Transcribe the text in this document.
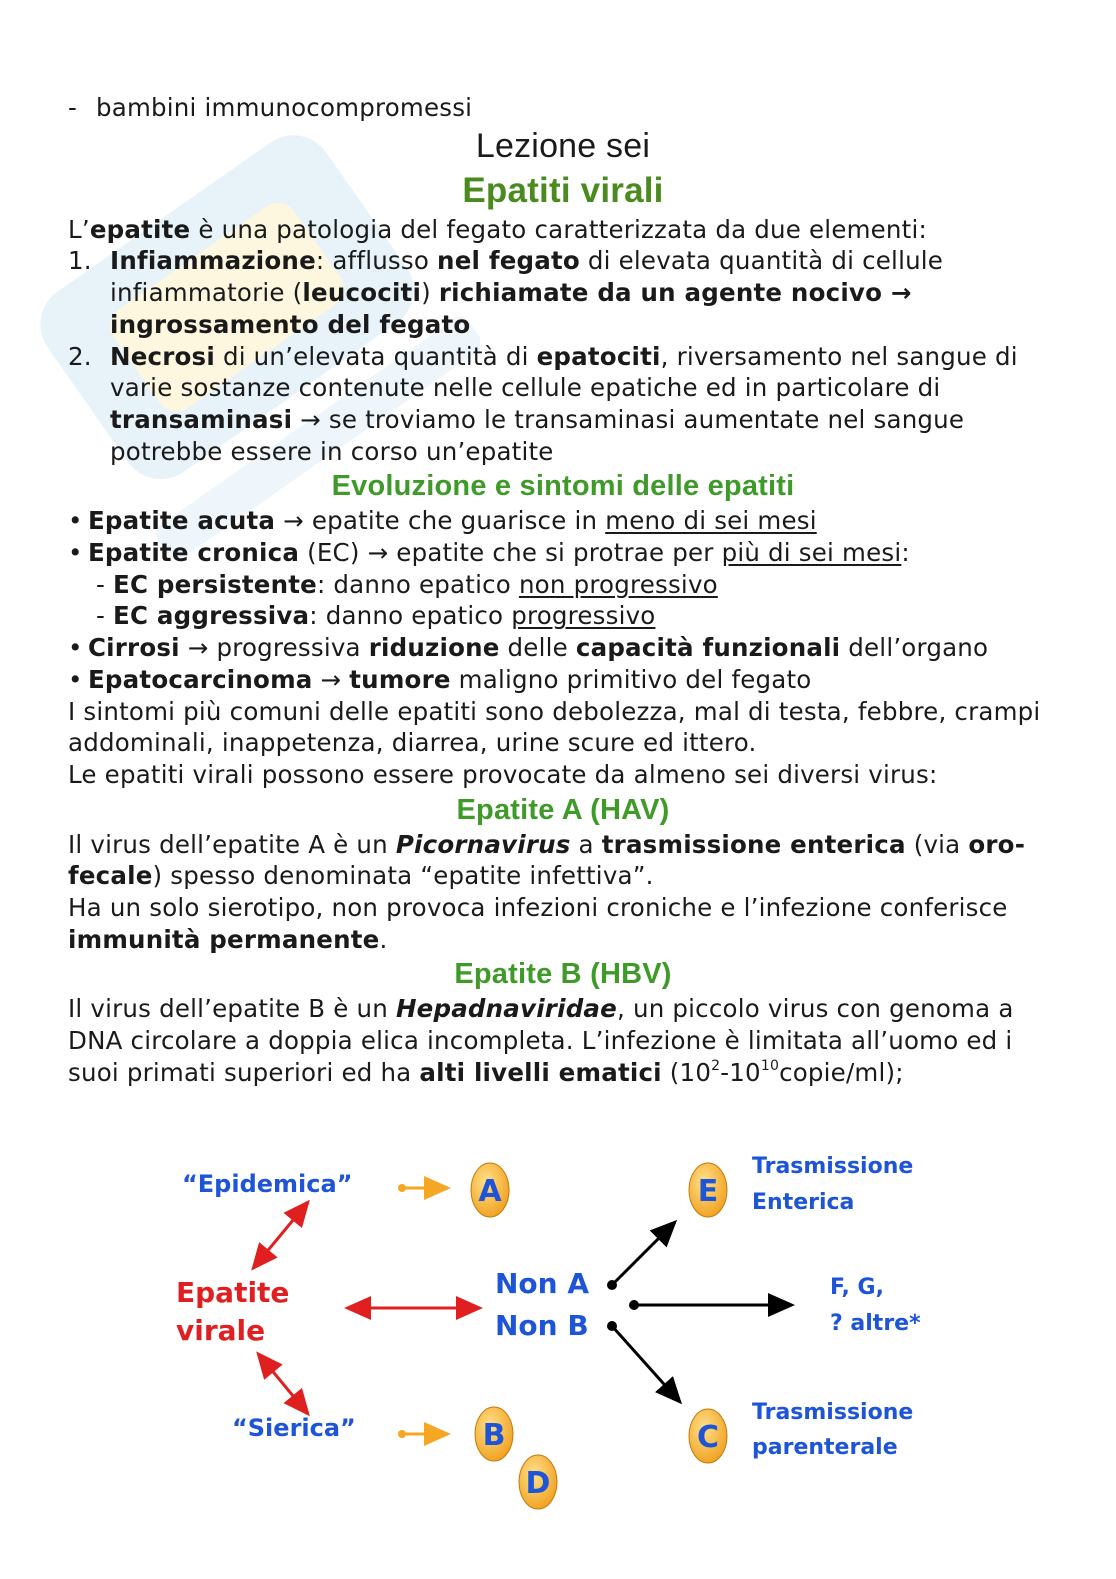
- bambini immunocompromessi
Lezione sei
Epatiti virali

L’epatite è una patologia del fegato caratterizzata da due elementi:

1. Infiammazione: afflusso nel fegato di elevata quantità di cellule infiammatorie (leucociti) richiamate da un agente nocivo → ingrossamento del fegato
2. Necrosi di un’elevata quantità di epatociti, riversamento nel sangue di varie sostanze contenute nelle cellule epatiche ed in particolare di transaminasi → se troviamo le transaminasi aumentate nel sangue potrebbe essere in corso un’epatite
Evoluzione e sintomi delle epatiti
• Epatite acuta → epatite che guarisce in meno di sei mesi
• Epatite cronica (EC) → epatite che si protrae per più di sei mesi:
- EC persistente: danno epatico non progressivo
- EC aggressiva: danno epatico progressivo
• Cirrosi → progressiva riduzione delle capacità funzionali dell’organo
• Epatocarcinoma → tumore maligno primitivo del fegato

I sintomi più comuni delle epatiti sono debolezza, mal di testa, febbre, crampi addominali, inappetenza, diarrea, urine scure ed ittero.

Le epatiti virali possono essere provocate da almeno sei diversi virus:

Epatite A (HAV)

Il virus dell’epatite A è un Picornavirus a trasmissione enterica (via oro-fecale) spesso denominata “epatite infettiva”.

Ha un solo sierotipo, non provoca infezioni croniche e l’infezione conferisce immunità permanente.

Epatite B (HBV)

Il virus dell’epatite B è un Hepadnaviridae, un piccolo virus con genoma a DNA circolare a doppia elica incompleta. L’infezione è limitata all’uomo ed i suoi primati superiori ed ha alti livelli ematici $(10^2-10^{10}copie/ml)$;

“Epidemica”
“Sierica”
Epatite
virale
A
B
D
E
C
Non A
Non B
Trasmissione
Enterica
F, G,
? altre*
Trasmissione
parenterale
